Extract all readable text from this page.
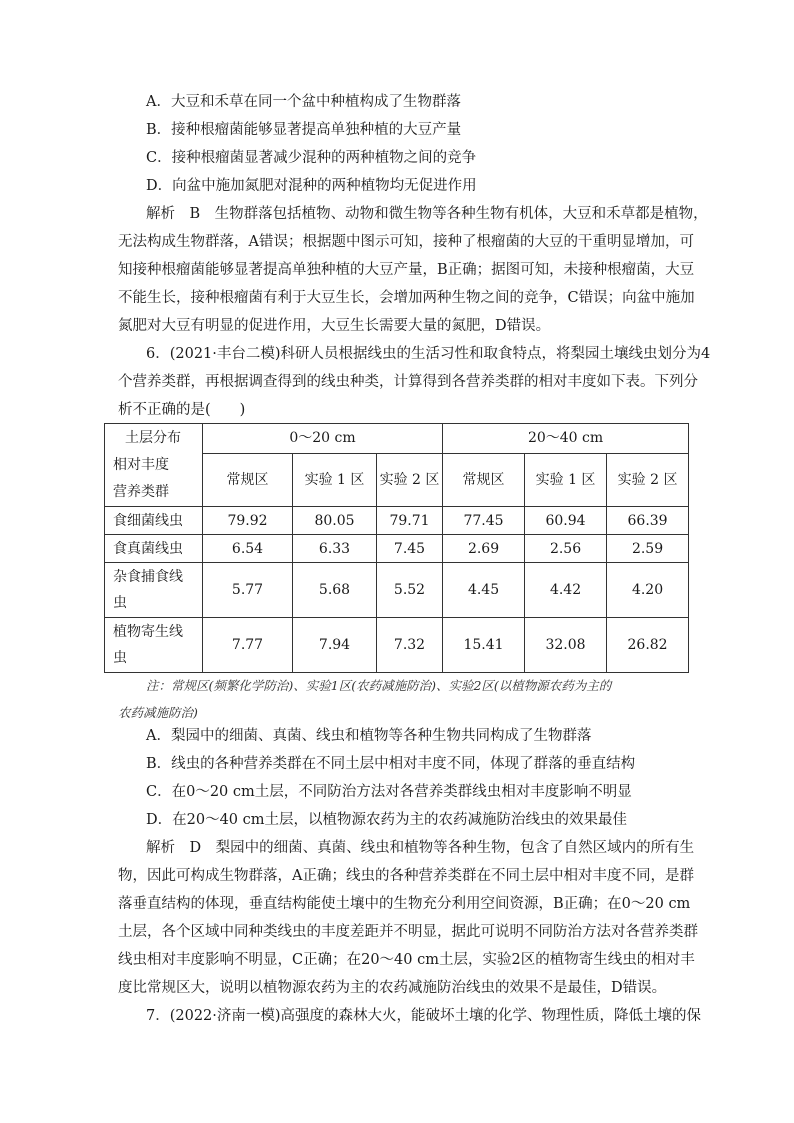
A．大豆和禾草在同一个盆中种植构成了生物群落
B．接种根瘤菌能够显著提高单独种植的大豆产量
C．接种根瘤菌显著减少混种的两种植物之间的竞争
D．向盆中施加氮肥对混种的两种植物均无促进作用
解析　B　生物群落包括植物、动物和微生物等各种生物有机体，大豆和禾草都是植物，
无法构成生物群落，A错误；根据题中图示可知，接种了根瘤菌的大豆的干重明显增加，可
知接种根瘤菌能够显著提高单独种植的大豆产量，B正确；据图可知，未接种根瘤菌，大豆
不能生长，接种根瘤菌有利于大豆生长，会增加两种生物之间的竞争，C错误；向盆中施加
氮肥对大豆有明显的促进作用，大豆生长需要大量的氮肥，D错误。
6．(2021·丰台二模)科研人员根据线虫的生活习性和取食特点，将梨园土壤线虫划分为4
个营养类群，再根据调查得到的线虫种类，计算得到各营养类群的相对丰度如下表。下列分
析不正确的是(　　)
土层分布
相对丰度
营养类群	0～20 cm			20～40 cm		
	常规区	实验 1 区	实验 2 区	常规区	实验 1 区	实验 2 区
食细菌线虫	79.92	80.05	79.71	77.45	60.94	66.39
食真菌线虫	6.54	6.33	7.45	2.69	2.56	2.59

杂食捕食线
虫	5.77	5.68	5.52	4.45	4.42	4.20

植物寄生线
虫	7.77	7.94	7.32	15.41	32.08	26.82
注：常规区(频繁化学防治)、实验1区(农药减施防治)、实验2区(以植物源农药为主的
农药减施防治)
A．梨园中的细菌、真菌、线虫和植物等各种生物共同构成了生物群落
B．线虫的各种营养类群在不同土层中相对丰度不同，体现了群落的垂直结构
C．在0～20 cm土层，不同防治方法对各营养类群线虫相对丰度影响不明显
D．在20～40 cm土层，以植物源农药为主的农药减施防治线虫的效果最佳
解析　D　梨园中的细菌、真菌、线虫和植物等各种生物，包含了自然区域内的所有生
物，因此可构成生物群落，A正确；线虫的各种营养类群在不同土层中相对丰度不同，是群
落垂直结构的体现，垂直结构能使土壤中的生物充分利用空间资源，B正确；在0～20 cm
土层，各个区域中同种类线虫的丰度差距并不明显，据此可说明不同防治方法对各营养类群
线虫相对丰度影响不明显，C正确；在20～40 cm土层，实验2区的植物寄生线虫的相对丰
度比常规区大，说明以植物源农药为主的农药减施防治线虫的效果不是最佳，D错误。
7．(2022·济南一模)高强度的森林大火，能破坏土壤的化学、物理性质，降低土壤的保
